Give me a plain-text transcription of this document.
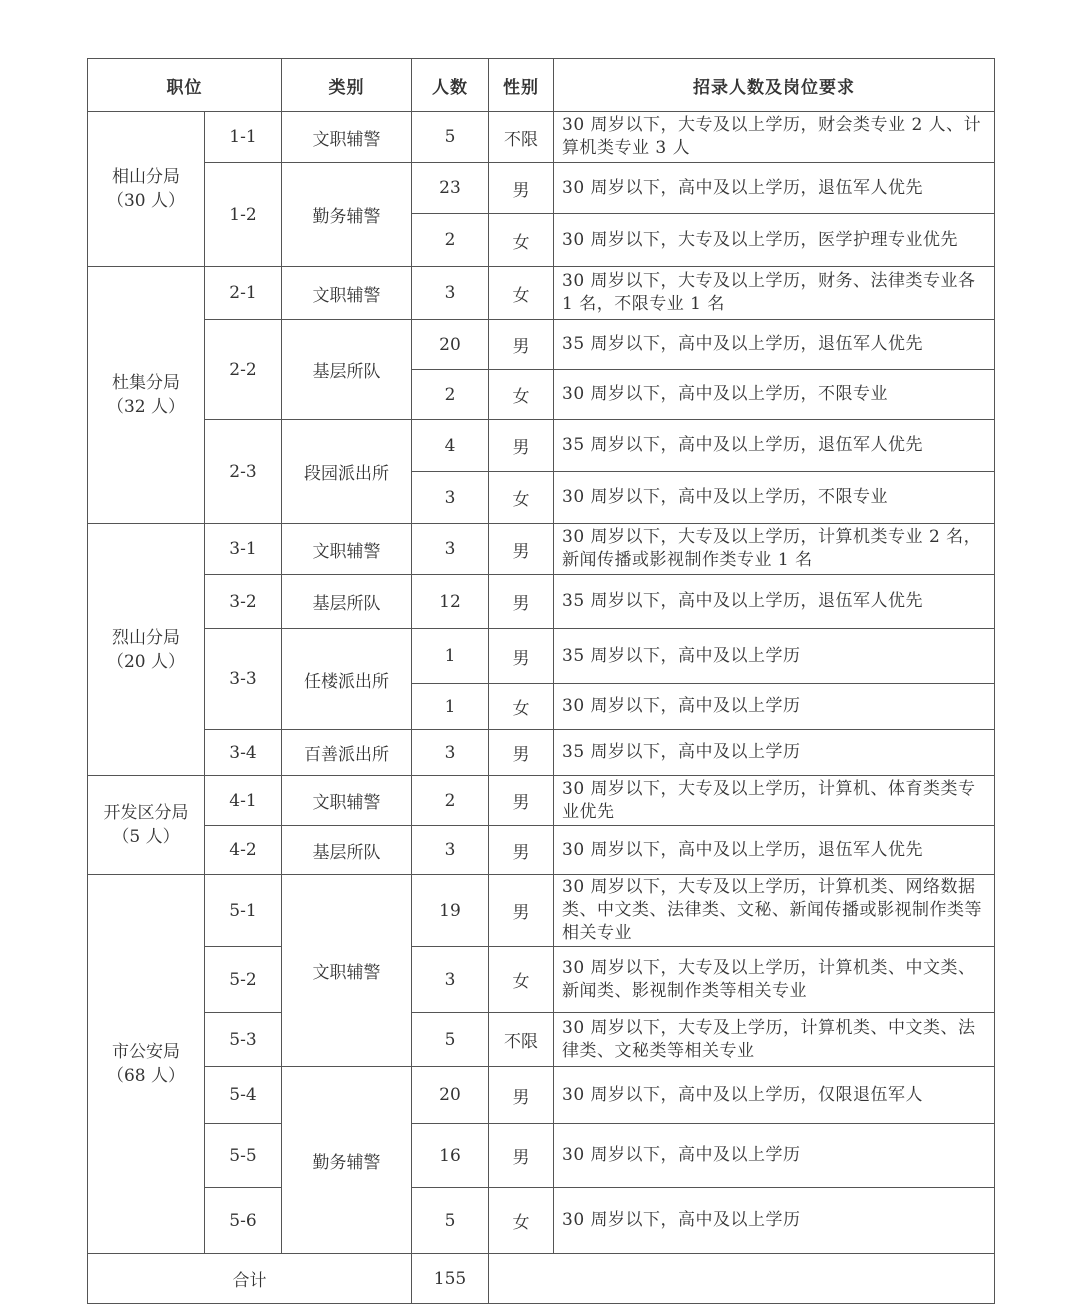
职位		类别	人数	性别	招录人数及岗位要求

相山分局
（30 人）	1-1	文职辅警	5	不限	30 周岁以下，大专及以上学历，财会类专业 2 人、计算机类专业 3 人
	1-2	勤务辅警	23	男	30 周岁以下，高中及以上学历，退伍军人优先
			2	女	30 周岁以下，大专及以上学历，医学护理专业优先

杜集分局
（32 人）	2-1	文职辅警	3	女	30 周岁以下，大专及以上学历，财务、法律类专业各 1 名，不限专业 1 名
	2-2	基层所队	20	男	35 周岁以下，高中及以上学历，退伍军人优先
			2	女	30 周岁以下，高中及以上学历，不限专业
	2-3	段园派出所	4	男	35 周岁以下，高中及以上学历，退伍军人优先
			3	女	30 周岁以下，高中及以上学历，不限专业

烈山分局
（20 人）	3-1	文职辅警	3	男	30 周岁以下，大专及以上学历，计算机类专业 2 名，新闻传播或影视制作类专业 1 名
	3-2	基层所队	12	男	35 周岁以下，高中及以上学历，退伍军人优先
	3-3	任楼派出所	1	男	35 周岁以下，高中及以上学历
			1	女	30 周岁以下，高中及以上学历
	3-4	百善派出所	3	男	35 周岁以下，高中及以上学历

开发区分局
（5 人）	4-1	文职辅警	2	男	30 周岁以下，大专及以上学历，计算机、体育类类专业优先
	4-2	基层所队	3	男	30 周岁以下，高中及以上学历，退伍军人优先

市公安局
（68 人）	5-1	文职辅警	19	男	30 周岁以下，大专及以上学历，计算机类、网络数据类、中文类、法律类、文秘、新闻传播或影视制作类等相关专业
	5-2		3	女	30 周岁以下，大专及以上学历，计算机类、中文类、新闻类、影视制作类等相关专业
	5-3		5	不限	30 周岁以下，大专及上学历，计算机类、中文类、法律类、文秘类等相关专业
	5-4	勤务辅警	20	男	30 周岁以下，高中及以上学历，仅限退伍军人
	5-5		16	男	30 周岁以下，高中及以上学历
	5-6		5	女	30 周岁以下，高中及以上学历
合计			155		
